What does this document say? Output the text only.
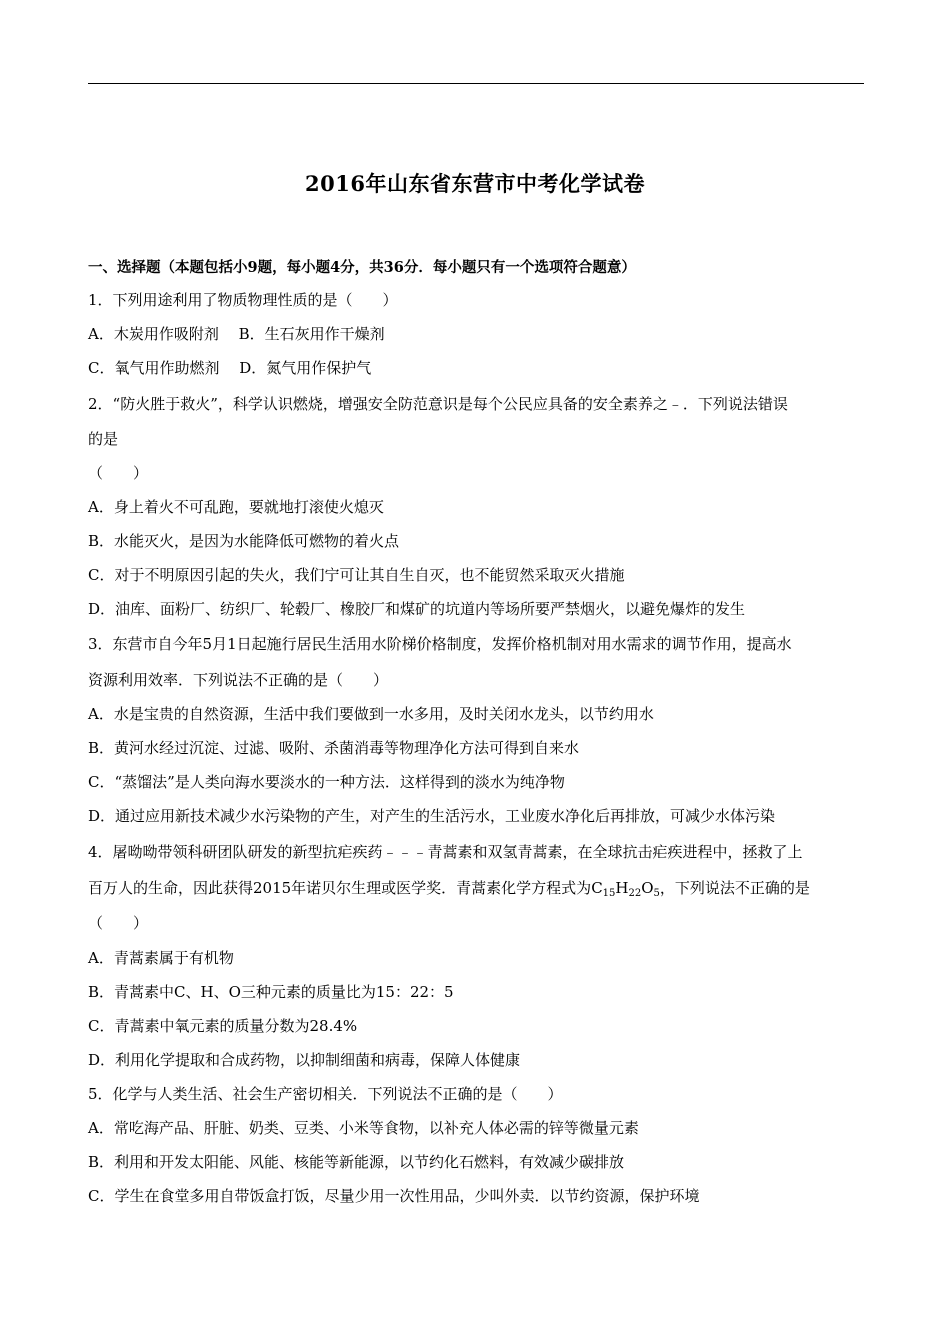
2016年山东省东营市中考化学试卷
一、选择题（本题包括小9题，每小题4分，共36分．每小题只有一个选项符合题意）
1．下列用途利用了物质物理性质的是（　　）
A．木炭用作吸附剂　 B．生石灰用作干燥剂
C．氧气用作助燃剂　 D．氮气用作保护气
2．“防火胜于救火”，科学认识燃烧，增强安全防范意识是每个公民应具备的安全素养之﹣．下列说法错误
的是
（　　）
A．身上着火不可乱跑，要就地打滚使火熄灭
B．水能灭火，是因为水能降低可燃物的着火点
C．对于不明原因引起的失火，我们宁可让其自生自灭，也不能贸然采取灭火措施
D．油库、面粉厂、纺织厂、轮毂厂、橡胶厂和煤矿的坑道内等场所要严禁烟火，以避免爆炸的发生
3．东营市自今年5月1日起施行居民生活用水阶梯价格制度，发挥价格机制对用水需求的调节作用，提高水
资源利用效率．下列说法不正确的是（　　）
A．水是宝贵的自然资源，生活中我们要做到一水多用，及时关闭水龙头，以节约用水
B．黄河水经过沉淀、过滤、吸附、杀菌消毒等物理净化方法可得到自来水
C．“蒸馏法”是人类向海水要淡水的一种方法．这样得到的淡水为纯净物
D．通过应用新技术减少水污染物的产生，对产生的生活污水，工业废水净化后再排放，可减少水体污染
4．屠呦呦带领科研团队研发的新型抗疟疾药﹣﹣﹣青蒿素和双氢青蒿素，在全球抗击疟疾进程中，拯救了上
百万人的生命，因此获得2015年诺贝尔生理或医学奖．青蒿素化学方程式为$C_{15}H_{22}O_5$，下列说法不正确的是
（　　）
A．青蒿素属于有机物
B．青蒿素中C、H、O三种元素的质量比为15：22：5
C．青蒿素中氧元素的质量分数为28.4%
D．利用化学提取和合成药物，以抑制细菌和病毒，保障人体健康
5．化学与人类生活、社会生产密切相关．下列说法不正确的是（　　）
A．常吃海产品、肝脏、奶类、豆类、小米等食物，以补充人体必需的锌等微量元素
B．利用和开发太阳能、风能、核能等新能源，以节约化石燃料，有效减少碳排放
C．学生在食堂多用自带饭盒打饭，尽量少用一次性用品，少叫外卖．以节约资源，保护环境
